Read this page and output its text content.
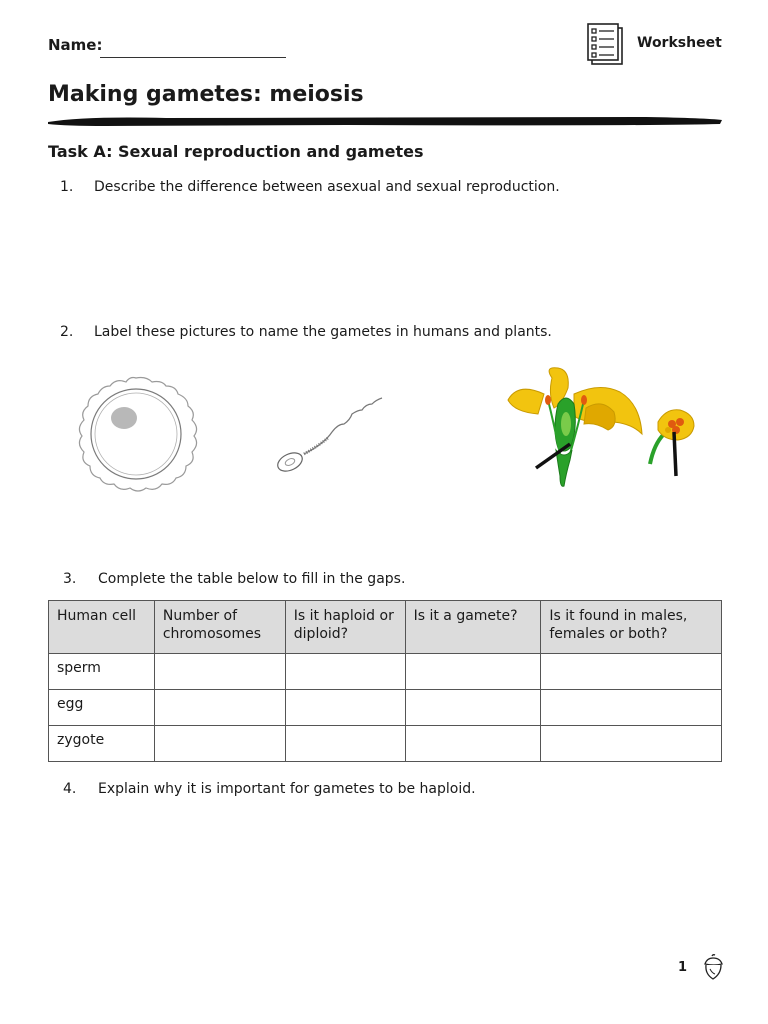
Name:	Worksheet
Making gametes: meiosis
Task A: Sexual reproduction and gametes
1. Describe the difference between asexual and sexual reproduction.
2. Label these pictures to name the gametes in humans and plants.
3. Complete the table below to fill in the gaps.
Human cell	Number of chromosomes	Is it haploid or diploid?	Is it a gamete?	Is it found in males, females or both?
sperm				
egg				
zygote				
4. Explain why it is important for gametes to be haploid.
1
